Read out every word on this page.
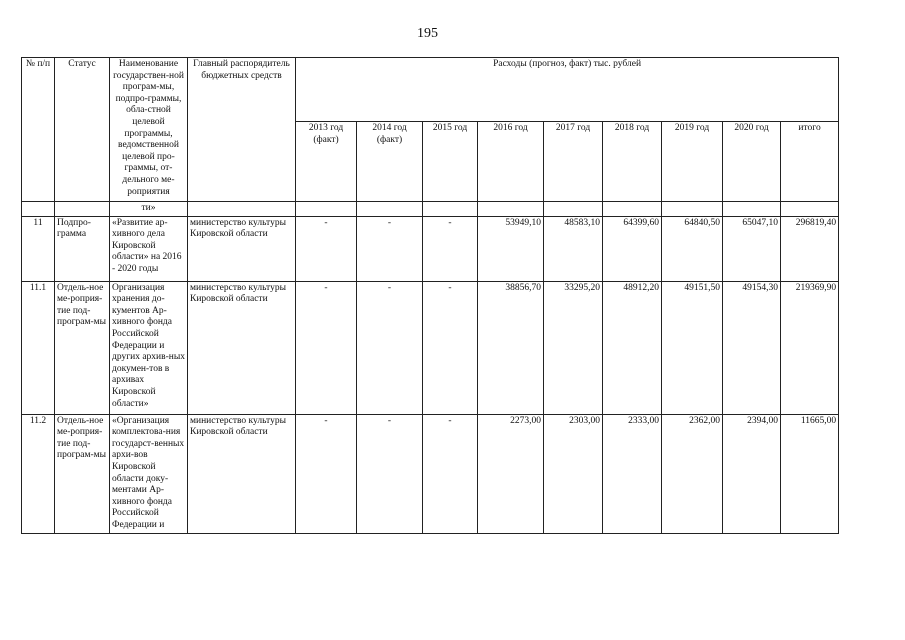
195
№ п/п	Статус	Наименование государствен-ной програм-мы, подпро-граммы, обла-стной целевой программы, ведомственной целевой про-граммы, от-дельного ме-роприятия	Главный распорядитель бюджетных средств	Расходы (прогноз, факт) тыс. рублей								
				2013 год (факт)	2014 год (факт)	2015 год	2016 год	2017 год	2018 год	2019 год	2020 год	итого
		ти»										
11	Подпро-грамма	«Развитие ар-хивного дела Кировской области» на 2016 - 2020 годы	министерство культуры Кировской области	-	-	-	53949,10	48583,10	64399,60	64840,50	65047,10	296819,40
11.1	Отдель-ное ме-роприя-тие под-програм-мы	Организация хранения до-кументов Ар-хивного фонда Российской Федерации и других архив-ных докумен-тов в архивах Кировской области»	министерство культуры Кировской области	-	-	-	38856,70	33295,20	48912,20	49151,50	49154,30	219369,90
11.2	Отдель-ное ме-роприя-тие под-програм-мы	«Организация комплектова-ния государст-венных архи-вов Кировской области доку-ментами Ар-хивного фонда Российской Федерации и	министерство культуры Кировской области	-	-	-	2273,00	2303,00	2333,00	2362,00	2394,00	11665,00
